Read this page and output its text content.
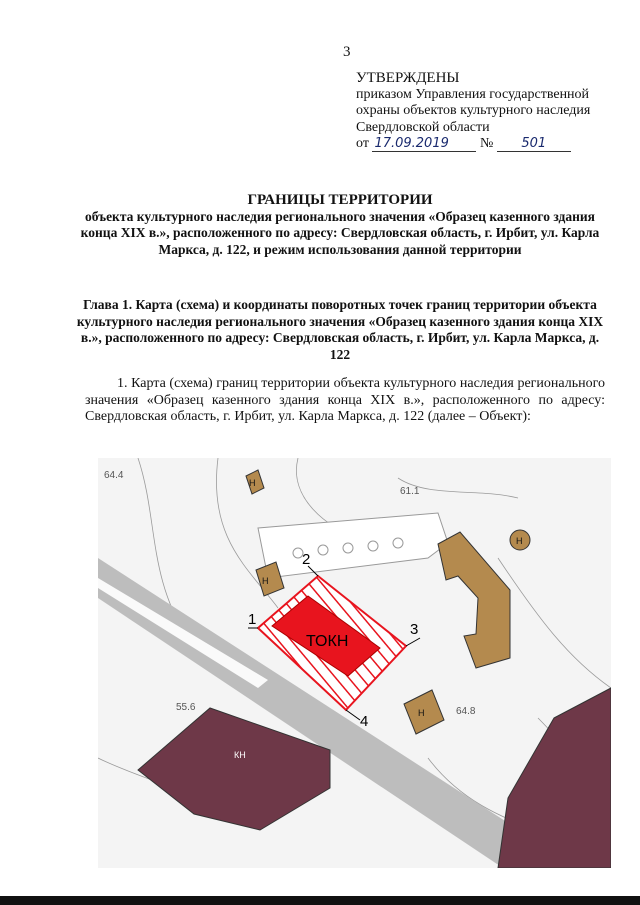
3
УТВЕРЖДЕНЫ
приказом Управления государственной
охраны объектов культурного наследия
Свердловской области
от 17.09.2019 № 501
ГРАНИЦЫ ТЕРРИТОРИИ
объекта культурного наследия регионального значения «Образец казенного здания конца XIX в.», расположенного по адресу: Свердловская область, г. Ирбит, ул. Карла Маркса, д. 122, и режим использования данной территории
Глава 1. Карта (схема) и координаты поворотных точек границ территории объекта культурного наследия регионального значения «Образец казенного здания конца XIX в.», расположенного по адресу: Свердловская область, г. Ирбит, ул. Карла Маркса, д. 122
1. Карта (схема) границ территории объекта культурного наследия регионального значения «Образец казенного здания конца XIX в.», расположенного по адресу: Свердловская область, г. Ирбит, ул. Карла Маркса, д. 122 (далее – Объект):
ТОКН
1
2
3
4
Н
Н
Н
КН
Н
64.4
61.1
55.6	64.8
